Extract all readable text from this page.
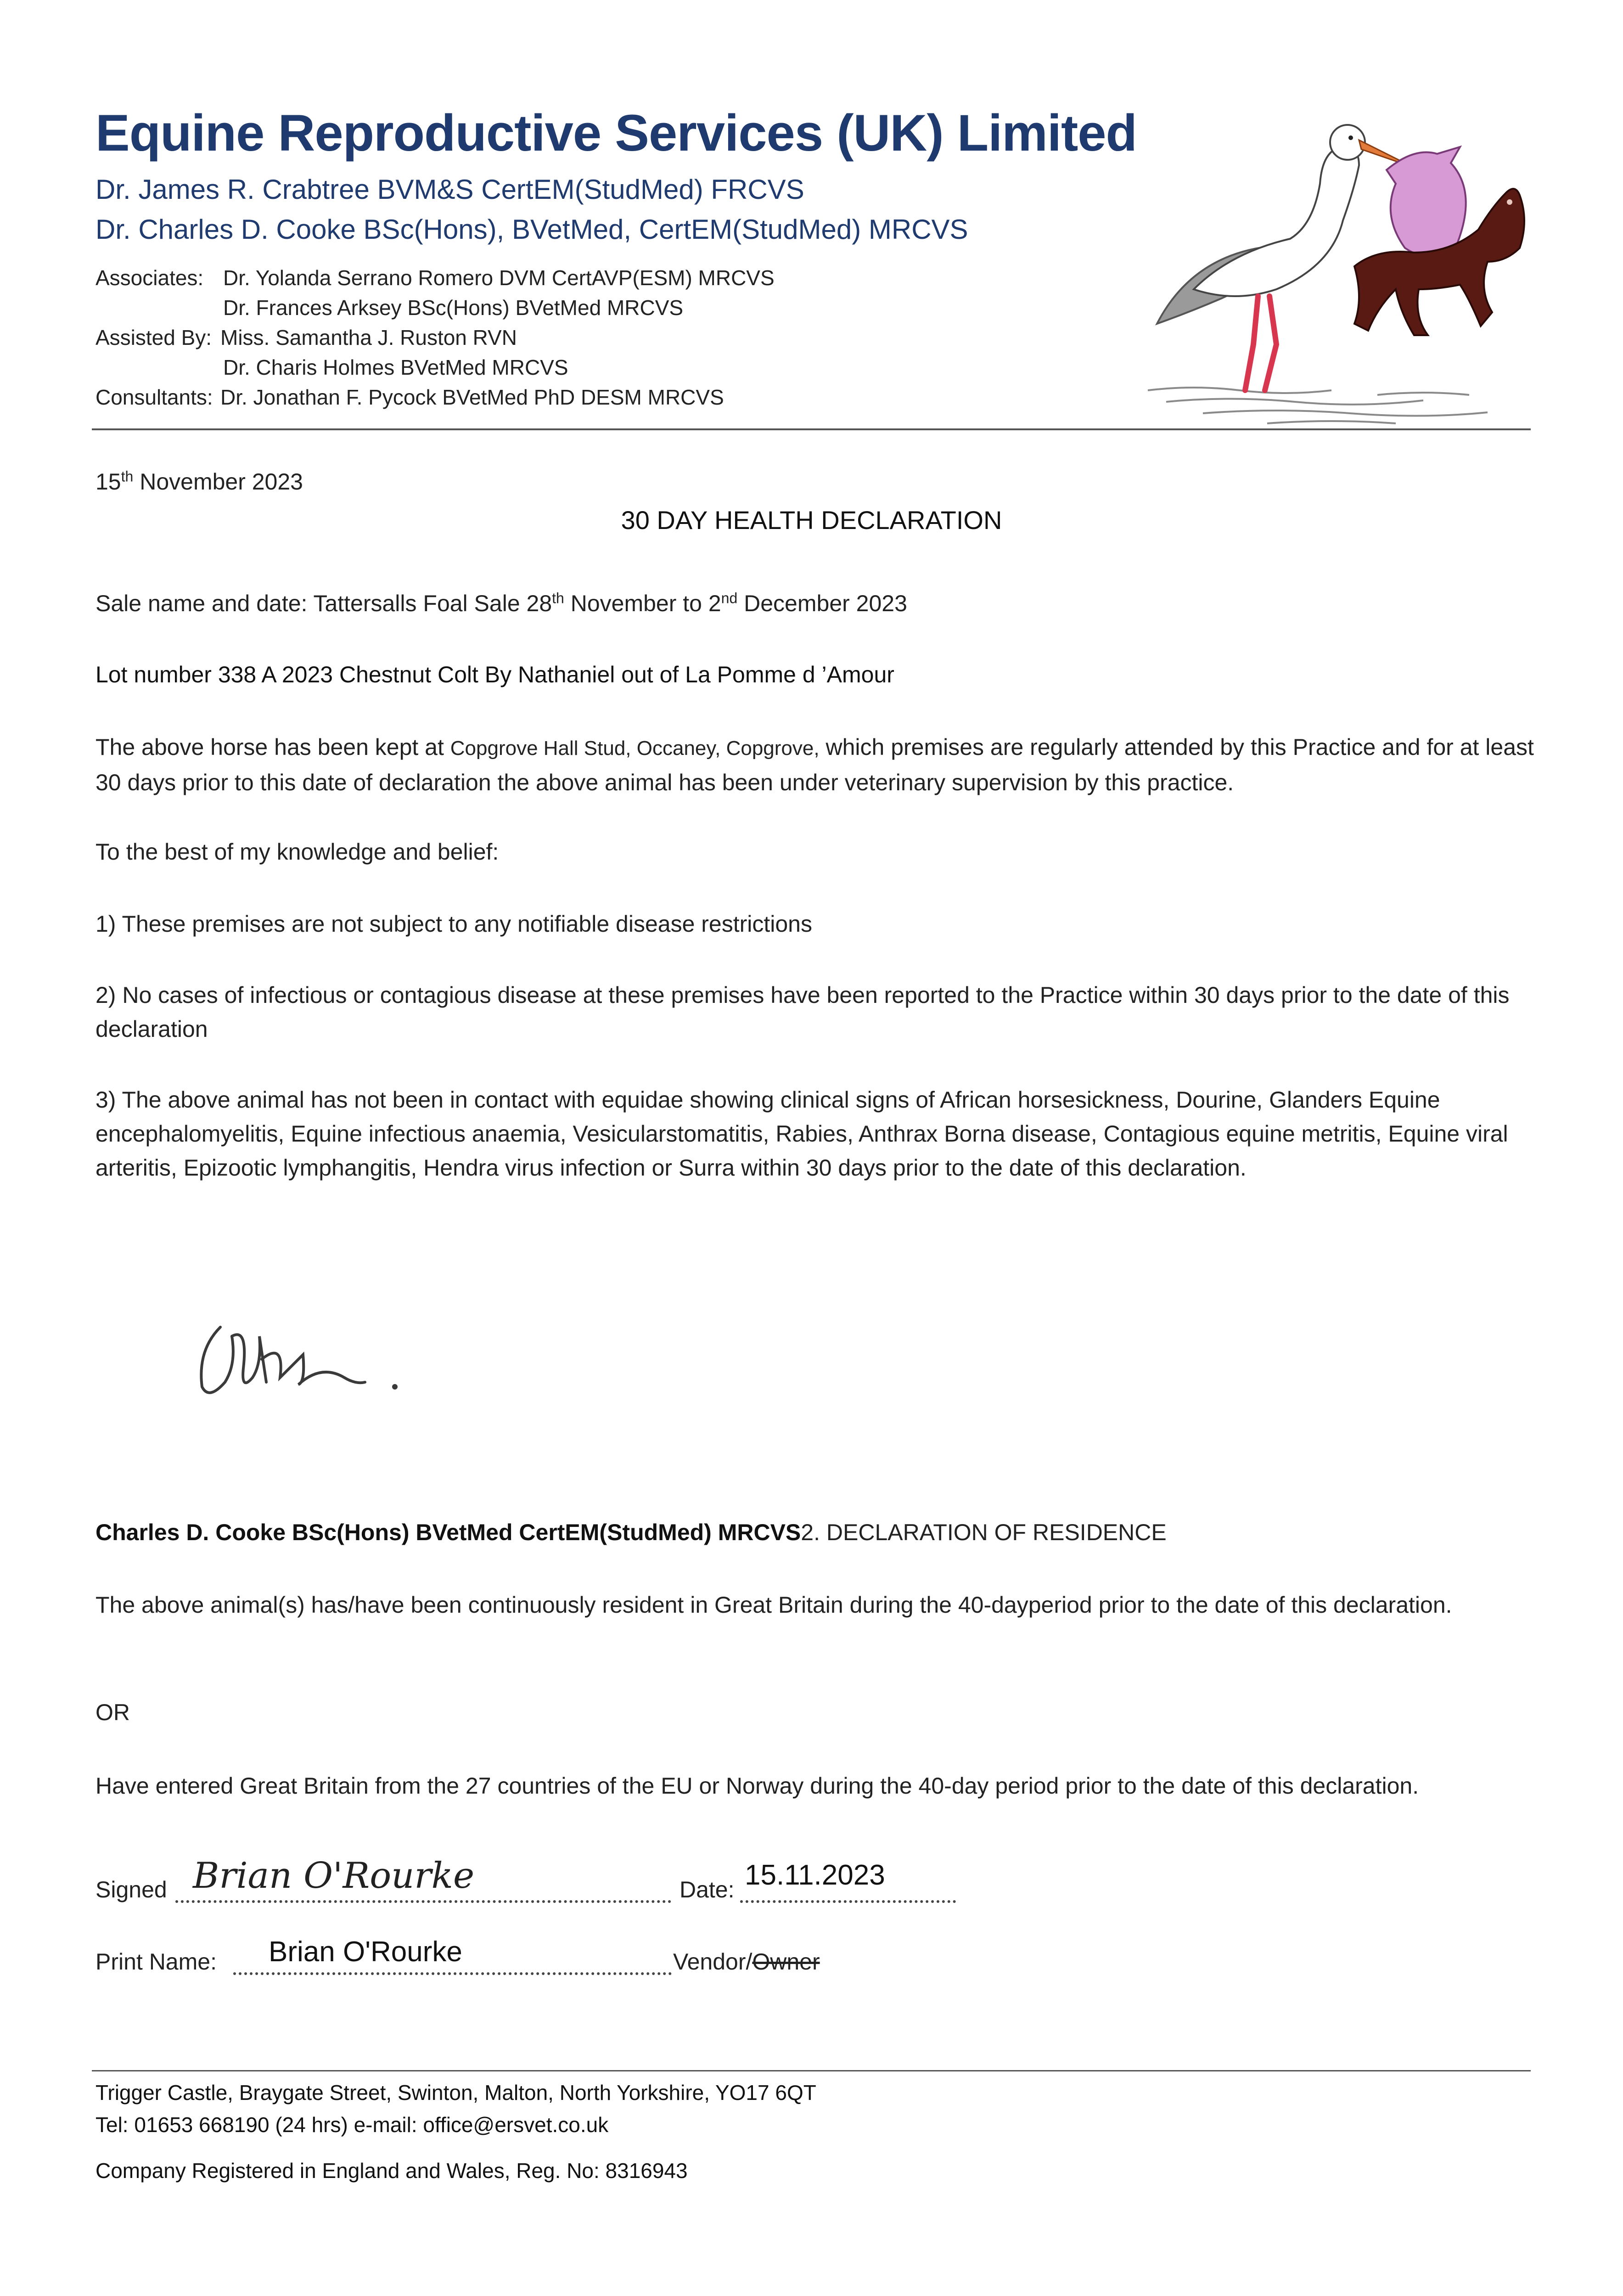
Equine Reproductive Services (UK) Limited
Dr. James R. Crabtree BVM&S CertEM(StudMed) FRCVS
Dr. Charles D. Cooke BSc(Hons), BVetMed, CertEM(StudMed) MRCVS
Associates: Dr. Yolanda Serrano Romero DVM CertAVP(ESM) MRCVS
Dr. Frances Arksey BSc(Hons) BVetMed MRCVS
Assisted By: Miss. Samantha J. Ruston RVN
Dr. Charis Holmes BVetMed MRCVS
Consultants: Dr. Jonathan F. Pycock BVetMed PhD DESM MRCVS
15th November 2023
30 DAY HEALTH DECLARATION
Sale name and date: Tattersalls Foal Sale 28th November to 2nd December 2023
Lot number 338 A 2023 Chestnut Colt By Nathaniel out of La Pomme d ’Amour
The above horse has been kept at Copgrove Hall Stud, Occaney, Copgrove, which premises are regularly attended by this Practice and for at least 30 days prior to this date of declaration the above animal has been under veterinary supervision by this practice.
To the best of my knowledge and belief:
1) These premises are not subject to any notifiable disease restrictions
2) No cases of infectious or contagious disease at these premises have been reported to the Practice within 30 days prior to the date of this declaration
3) The above animal has not been in contact with equidae showing clinical signs of African horsesickness, Dourine, Glanders Equine encephalomyelitis, Equine infectious anaemia, Vesicularstomatitis, Rabies, Anthrax Borna disease, Contagious equine metritis, Equine viral arteritis, Epizootic lymphangitis, Hendra virus infection or Surra within 30 days prior to the date of this declaration.
Charles D. Cooke BSc(Hons) BVetMed CertEM(StudMed) MRCVS2. DECLARATION OF RESIDENCE
The above animal(s) has/have been continuously resident in Great Britain during the 40-dayperiod prior to the date of this declaration.
OR
Have entered Great Britain from the 27 countries of the EU or Norway during the 40-day period prior to the date of this declaration.
Signed Brian O'Rourke	Date: 15.11.2023
Print Name: Brian O'Rourke	Vendor/Owner
Trigger Castle, Braygate Street, Swinton, Malton, North Yorkshire, YO17 6QT
Tel: 01653 668190 (24 hrs) e-mail: office@ersvet.co.uk
Company Registered in England and Wales, Reg. No: 8316943
